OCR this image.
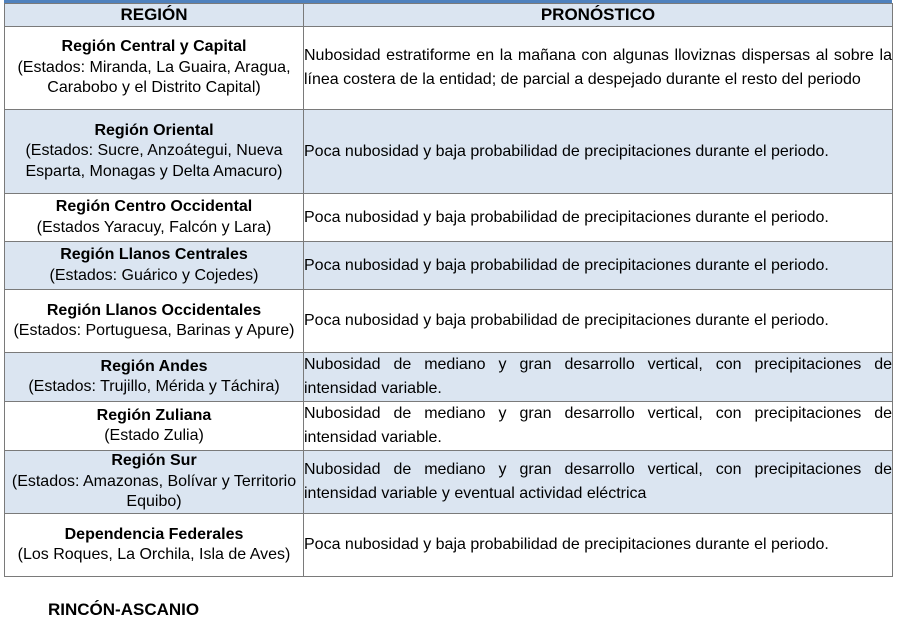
REGIÓN	PRONÓSTICO

Región Central y Capital
(Estados: Miranda, La Guaira, Aragua, Carabobo y el Distrito Capital)	Nubosidad estratiforme en la mañana con algunas lloviznas dispersas al sobre la línea costera de la entidad; de parcial a despejado durante el resto del periodo

Región Oriental
(Estados: Sucre, Anzoátegui, Nueva Esparta, Monagas y Delta Amacuro)	Poca nubosidad y baja probabilidad de precipitaciones durante el periodo.

Región Centro Occidental
(Estados Yaracuy, Falcón y Lara)	Poca nubosidad y baja probabilidad de precipitaciones durante el periodo.

Región Llanos Centrales
(Estados: Guárico y Cojedes)	Poca nubosidad y baja probabilidad de precipitaciones durante el periodo.

Región Llanos Occidentales
(Estados: Portuguesa, Barinas y Apure)	Poca nubosidad y baja probabilidad de precipitaciones durante el periodo.

Región Andes
(Estados: Trujillo, Mérida y Táchira)	Nubosidad de mediano y gran desarrollo vertical, con precipitaciones de intensidad variable.

Región Zuliana
(Estado Zulia)	Nubosidad de mediano y gran desarrollo vertical, con precipitaciones de intensidad variable.

Región Sur
(Estados: Amazonas, Bolívar y Territorio Equibo)	Nubosidad de mediano y gran desarrollo vertical, con precipitaciones de intensidad variable y eventual actividad eléctrica

Dependencia Federales
(Los Roques, La Orchila, Isla de Aves)	Poca nubosidad y baja probabilidad de precipitaciones durante el periodo.
RINCÓN-ASCANIO
